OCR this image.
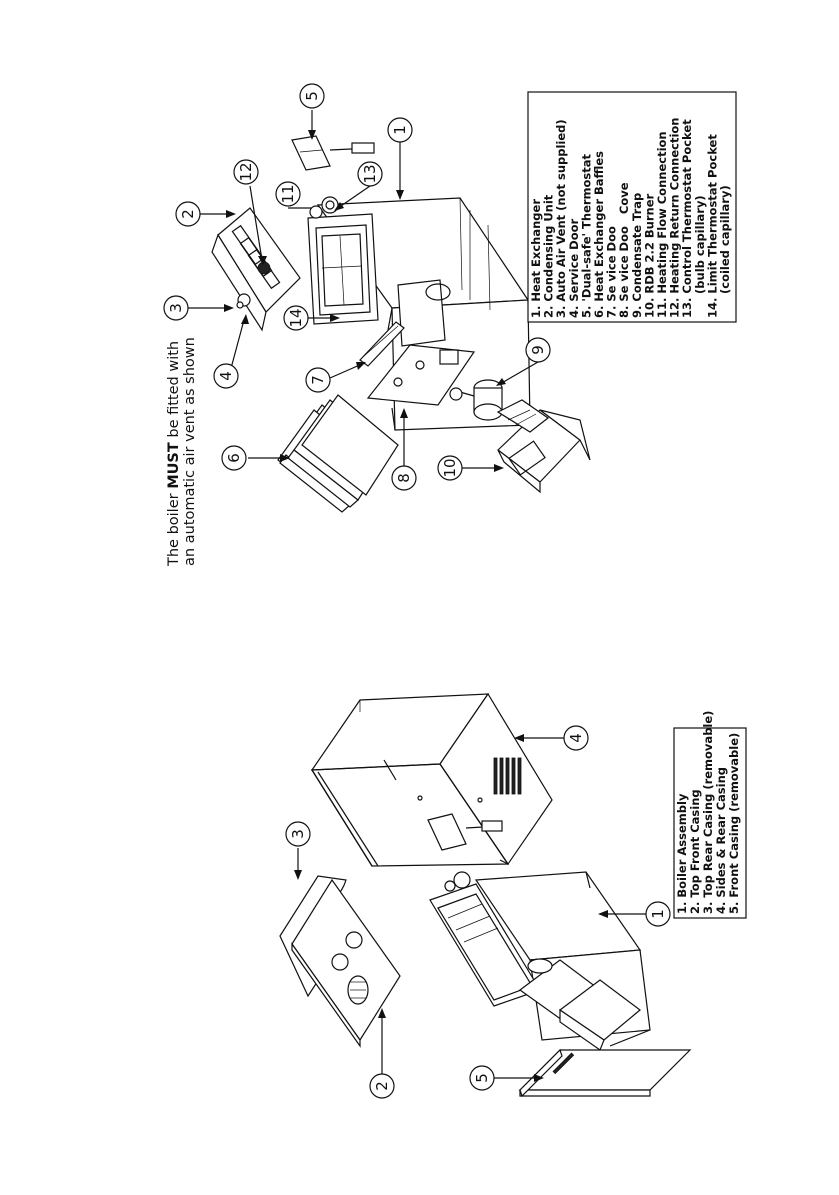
The boiler MUST be fitted with an automatic air vent as shown
1. Heat Exchanger
2. Condensing Unit
3. Auto Air Vent (not supplied)
4. Service Door
5. 'Dual-safe' Thermostat
6. Heat Exchanger Baffles
7. Se vice Doo
8. Se vice Doo   Cove
9. Condensate Trap
10. RDB 2.2 Burner
11. Heating Flow Connection
12. Heating Return Connection
13. Control Thermostat Pocket
(bulb capillary)
14. Limit Thermostat Pocket
(coiled capillary)
1
2
3
4
5
6
7
8
9
10
11
12	13
14
1. Boiler Assembly 2. Top Front Casing 3. Top Rear Casing (removable) 4. Sides & Rear Casing 5. Front Casing (removable)
1
2
3
4
5
